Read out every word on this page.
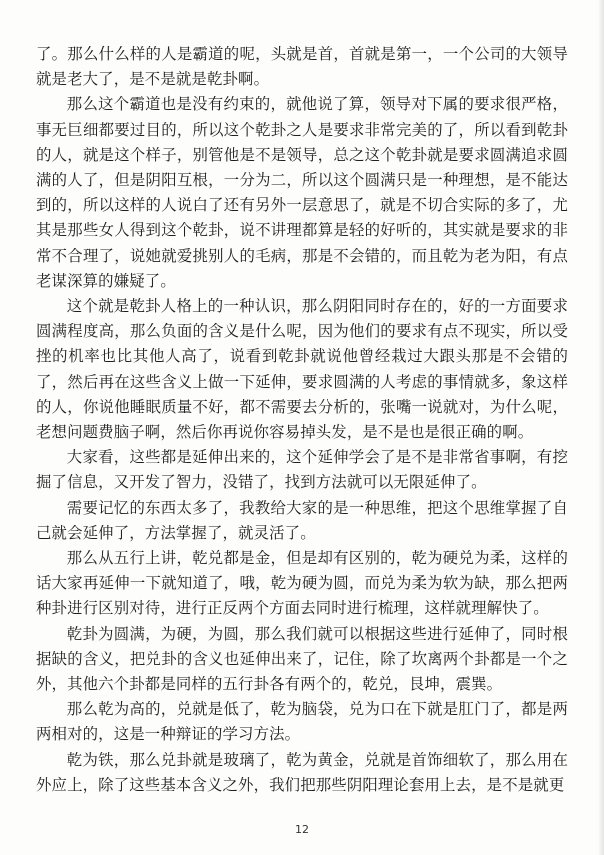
了。那么什么样的人是霸道的呢，头就是首，首就是第一，一个公司的大领导就是老大了，是不是就是乾卦啊。

那么这个霸道也是没有约束的，就他说了算，领导对下属的要求很严格，事无巨细都要过目的，所以这个乾卦之人是要求非常完美的了，所以看到乾卦的人，就是这个样子，别管他是不是领导，总之这个乾卦就是要求圆满追求圆满的人了，但是阴阳互根，一分为二，所以这个圆满只是一种理想，是不能达到的，所以这样的人说白了还有另外一层意思了，就是不切合实际的多了，尤其是那些女人得到这个乾卦，说不讲理都算是轻的好听的，其实就是要求的非常不合理了，说她就爱挑别人的毛病，那是不会错的，而且乾为老为阳，有点老谋深算的嫌疑了。

这个就是乾卦人格上的一种认识，那么阴阳同时存在的，好的一方面要求圆满程度高，那么负面的含义是什么呢，因为他们的要求有点不现实，所以受挫的机率也比其他人高了，说看到乾卦就说他曾经栽过大跟头那是不会错的了，然后再在这些含义上做一下延伸，要求圆满的人考虑的事情就多，象这样的人，你说他睡眠质量不好，都不需要去分析的，张嘴一说就对，为什么呢，老想问题费脑子啊，然后你再说你容易掉头发，是不是也是很正确的啊。

大家看，这些都是延伸出来的，这个延伸学会了是不是非常省事啊，有挖掘了信息，又开发了智力，没错了，找到方法就可以无限延伸了。

需要记忆的东西太多了，我教给大家的是一种思维，把这个思维掌握了自己就会延伸了，方法掌握了，就灵活了。

那么从五行上讲，乾兑都是金，但是却有区别的，乾为硬兑为柔，这样的话大家再延伸一下就知道了，哦，乾为硬为圆，而兑为柔为软为缺，那么把两种卦进行区别对待，进行正反两个方面去同时进行梳理，这样就理解快了。

乾卦为圆满，为硬，为圆，那么我们就可以根据这些进行延伸了，同时根据缺的含义，把兑卦的含义也延伸出来了，记住，除了坎离两个卦都是一个之外，其他六个卦都是同样的五行卦各有两个的，乾兑，艮坤，震巽。

那么乾为高的，兑就是低了，乾为脑袋，兑为口在下就是肛门了，都是两两相对的，这是一种辩证的学习方法。

乾为铁，那么兑卦就是玻璃了，乾为黄金，兑就是首饰细软了，那么用在外应上，除了这些基本含义之外，我们把那些阴阳理论套用上去，是不是就更

12
